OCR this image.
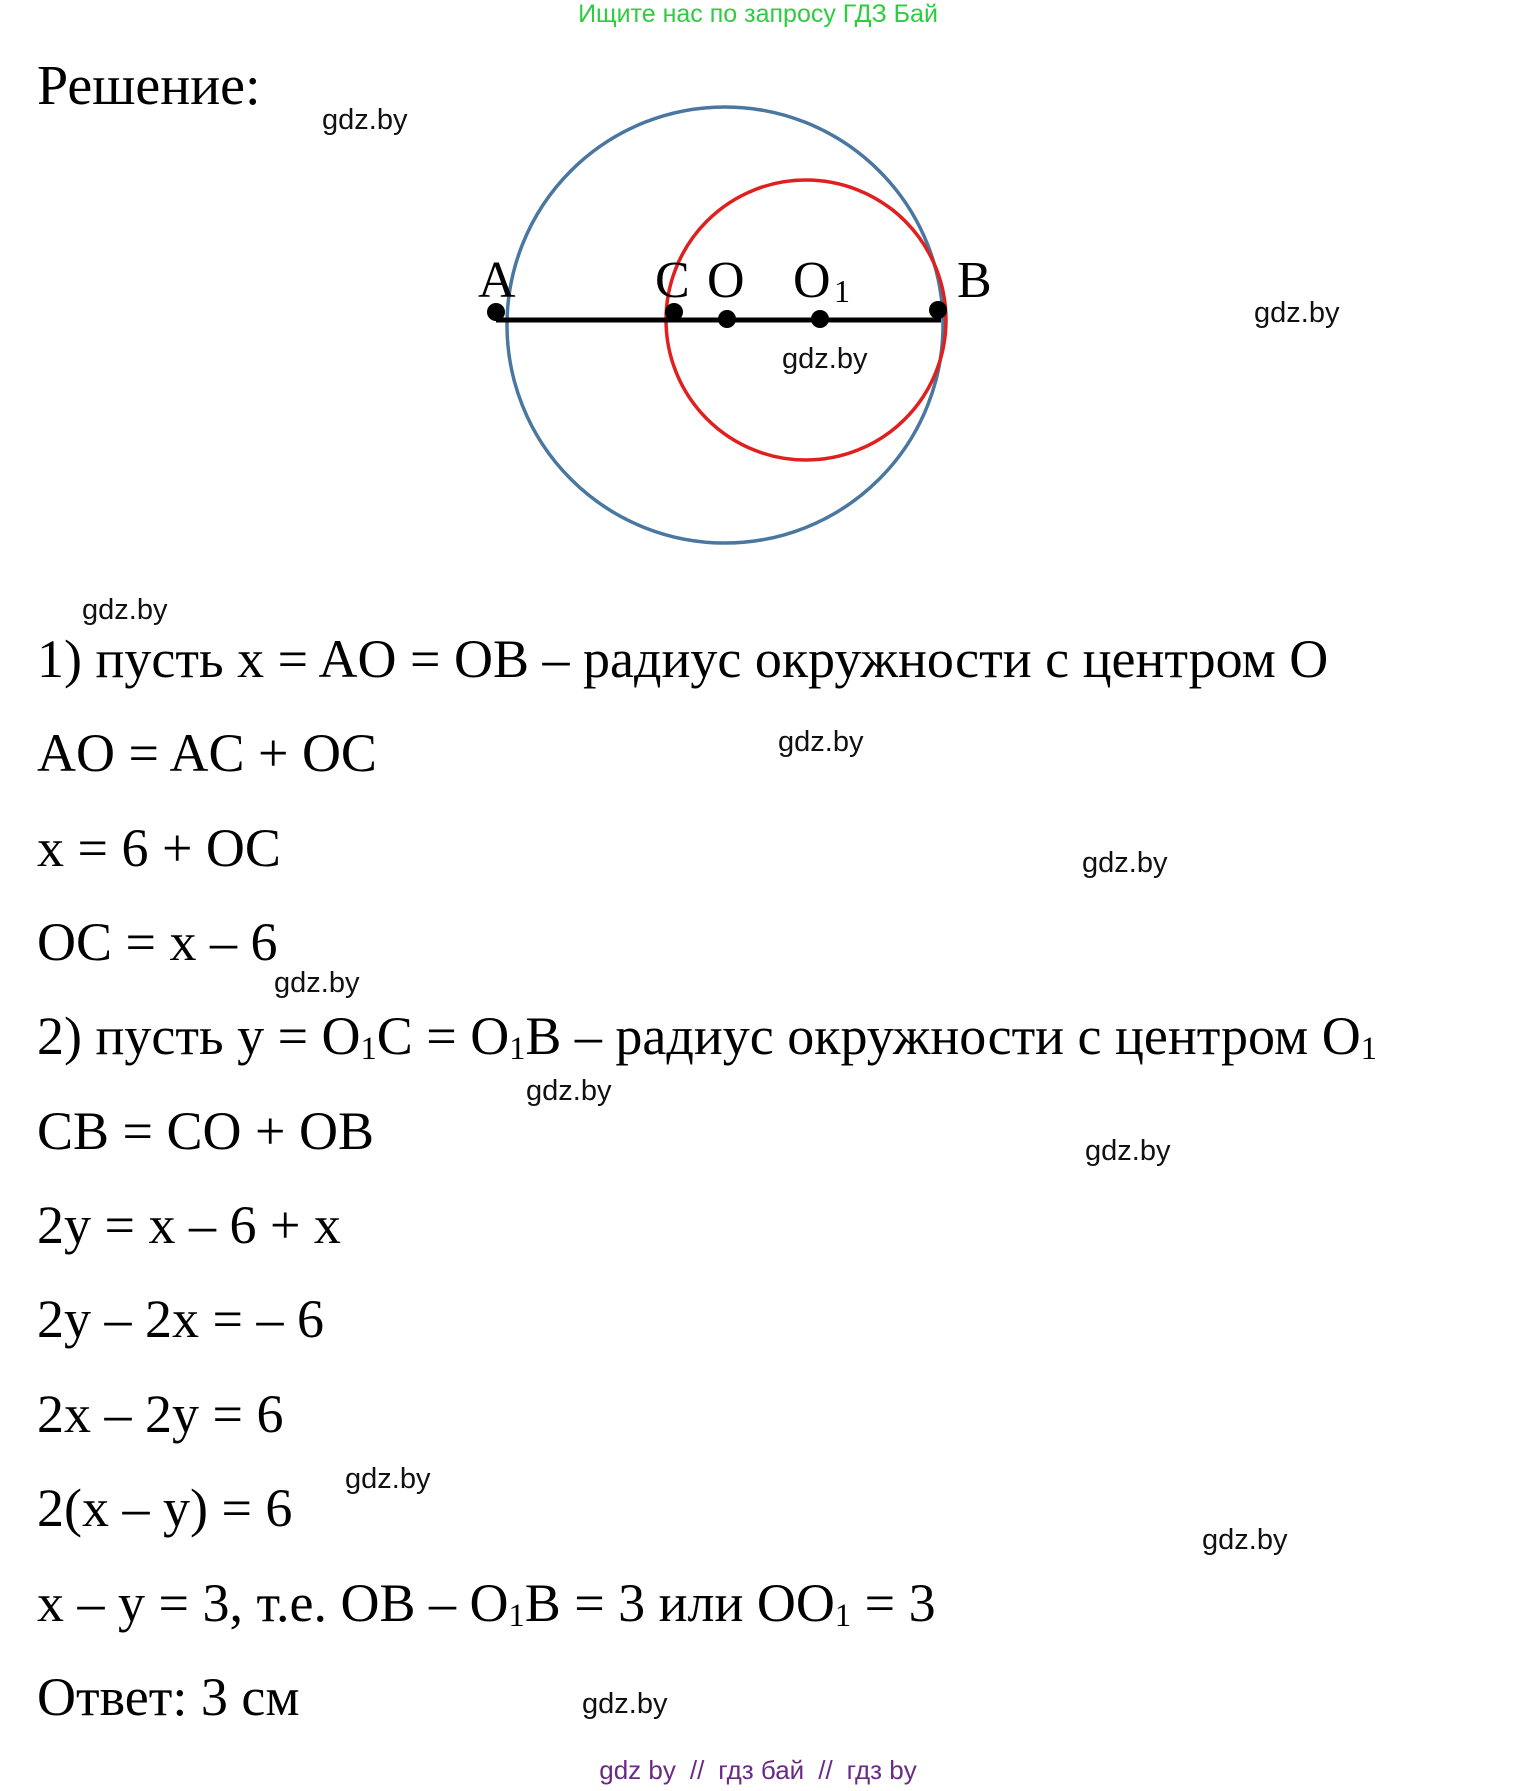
Ищите нас по запросу ГДЗ Бай
Решение:
gdz.by
gdz.by
gdz.by
gdz.by
gdz.by
gdz.by
gdz.by
gdz.by
gdz.by
gdz.by
gdz.by
gdz.by
A	C O O 1 B
1) пусть x = AO = OB – радиус окружности с центром O
AO = AC + OC
x = 6 + OC
OC = x – 6
2) пусть $y = O_1C = O_1B$ – радиус окружности с центром $O_1$
CB = CO + OB
2y = x – 6 + x
2y – 2x = – 6
2x – 2y = 6
2(x – y) = 6
x – y = 3, т.е. OB – $O_1B = 3$ или $OO_1 = 3$
Ответ: 3 см
gdz by // гдз бай // гдз by
